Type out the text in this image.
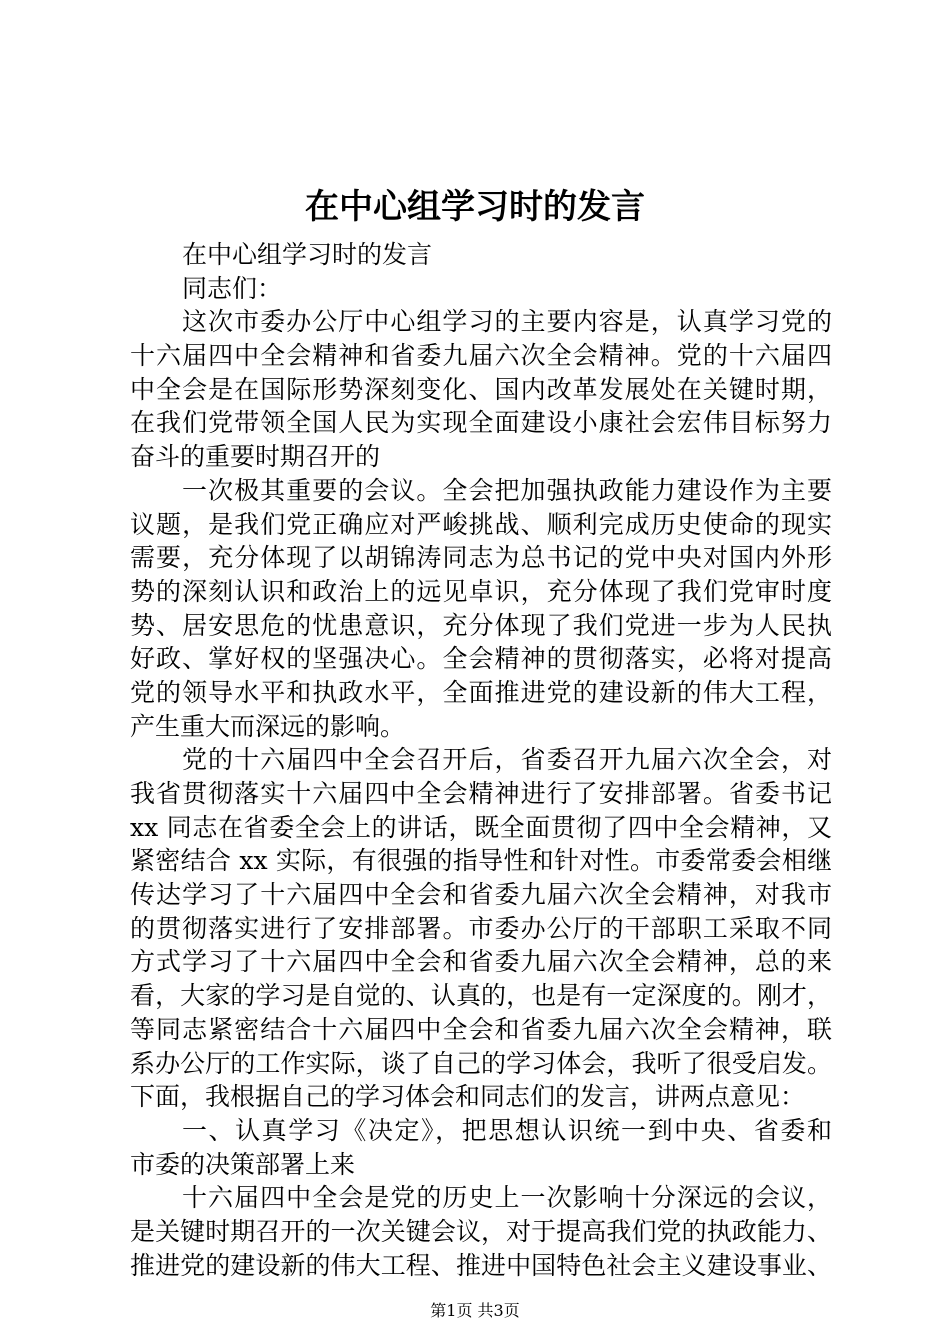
在中心组学习时的发言
在中心组学习时的发言
同志们：
这次市委办公厅中心组学习的主要内容是，认真学习党的
十六届四中全会精神和省委九届六次全会精神。党的十六届四
中全会是在国际形势深刻变化、国内改革发展处在关键时期，
在我们党带领全国人民为实现全面建设小康社会宏伟目标努力
奋斗的重要时期召开的
一次极其重要的会议。全会把加强执政能力建设作为主要
议题，是我们党正确应对严峻挑战、顺利完成历史使命的现实
需要，充分体现了以胡锦涛同志为总书记的党中央对国内外形
势的深刻认识和政治上的远见卓识，充分体现了我们党审时度
势、居安思危的忧患意识，充分体现了我们党进一步为人民执
好政、掌好权的坚强决心。全会精神的贯彻落实，必将对提高
党的领导水平和执政水平，全面推进党的建设新的伟大工程，
产生重大而深远的影响。
党的十六届四中全会召开后，省委召开九届六次全会，对
我省贯彻落实十六届四中全会精神进行了安排部署。省委书记
xx 同志在省委全会上的讲话，既全面贯彻了四中全会精神，又
紧密结合 xx 实际，有很强的指导性和针对性。市委常委会相继
传达学习了十六届四中全会和省委九届六次全会精神，对我市
的贯彻落实进行了安排部署。市委办公厅的干部职工采取不同
方式学习了十六届四中全会和省委九届六次全会精神，总的来
看，大家的学习是自觉的、认真的，也是有一定深度的。刚才，
等同志紧密结合十六届四中全会和省委九届六次全会精神，联
系办公厅的工作实际，谈了自己的学习体会，我听了很受启发。
下面，我根据自己的学习体会和同志们的发言，讲两点意见：
一、认真学习《决定》，把思想认识统一到中央、省委和
市委的决策部署上来
十六届四中全会是党的历史上一次影响十分深远的会议，
是关键时期召开的一次关键会议，对于提高我们党的执政能力、
推进党的建设新的伟大工程、推进中国特色社会主义建设事业、
第1页 共3页
